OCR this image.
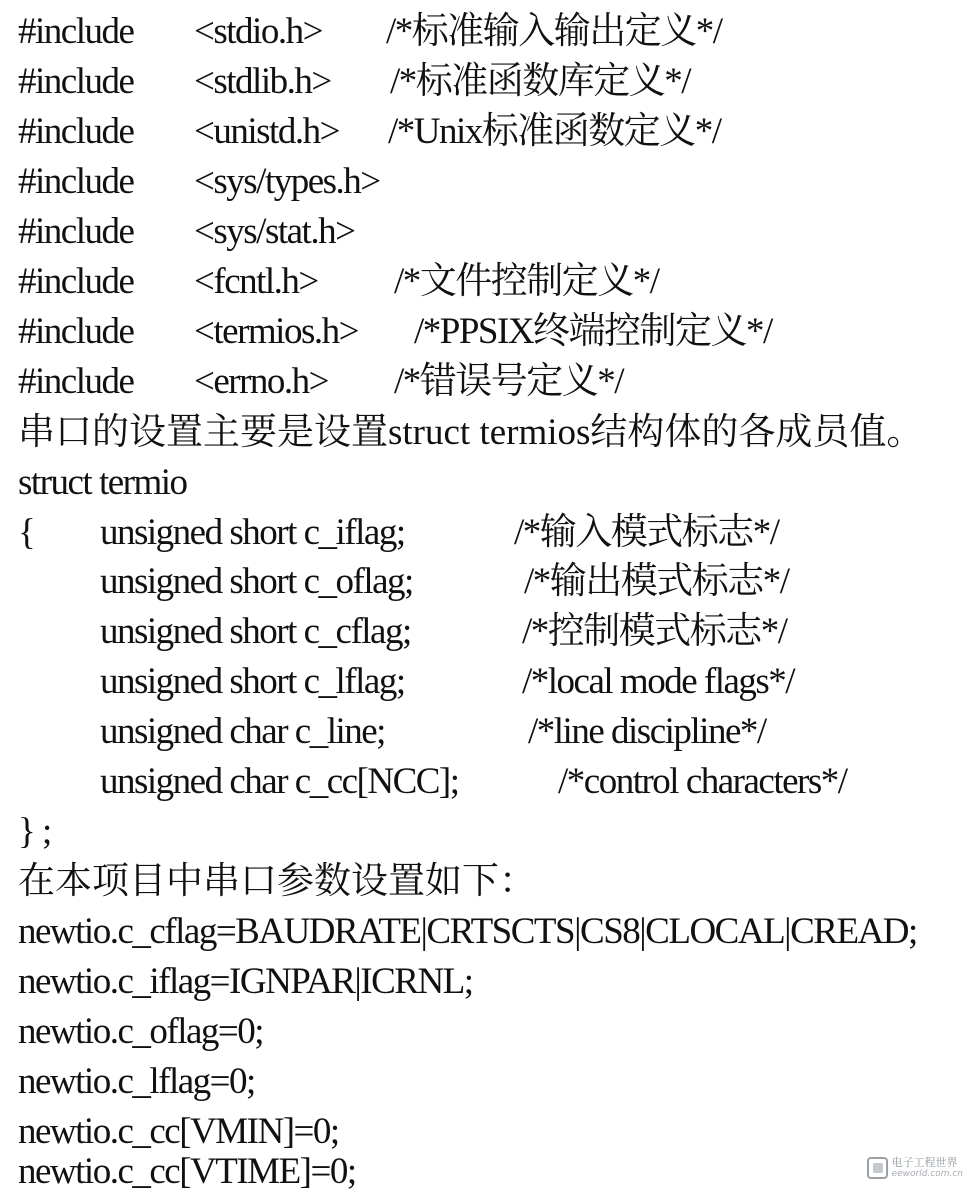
#include <stdio.h> /*标准输入输出定义*/
#include <stdlib.h> /*标准函数库定义*/
#include <unistd.h> /*Unix标准函数定义*/
#include <sys/types.h>
#include <sys/stat.h>
#include <fcntl.h> /*文件控制定义*/
#include <termios.h> /*PPSIX终端控制定义*/
#include <errno.h> /*错误号定义*/
串口的设置主要是设置struct termios结构体的各成员值。
struct termio
{ unsigned short c_iflag;	/*输入模式标志*/
unsigned short c_oflag;	/*输出模式标志*/
unsigned short c_cflag;	/*控制模式标志*/
unsigned short c_lflag;	/*local mode flags*/
unsigned char c_line;	/*line discipline*/
unsigned char c_cc[NCC];	/*control characters*/
} ;
在本项目中串口参数设置如下：
newtio.c_cflag=BAUDRATE|CRTSCTS|CS8|CLOCAL|CREAD;
newtio.c_iflag=IGNPAR|ICRNL;
newtio.c_oflag=0;
newtio.c_lflag=0;
newtio.c_cc[VMIN]=0;
newtio.c_cc[VTIME]=0;	电子工程世界
eeworld.com.cn
